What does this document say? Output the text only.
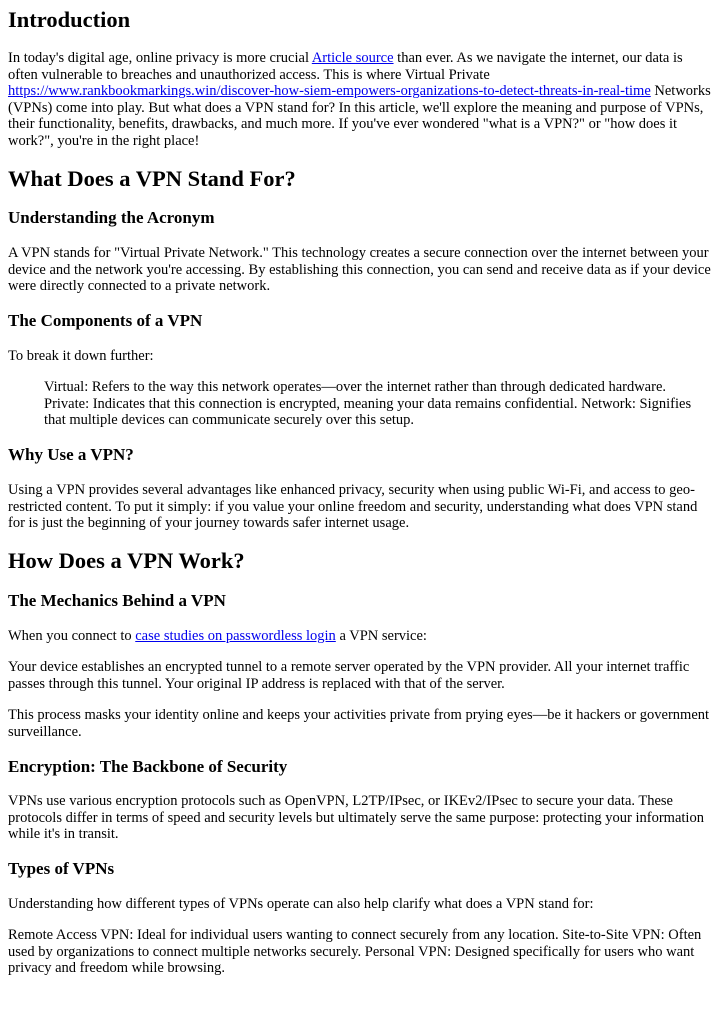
Introduction

In today's digital age, online privacy is more crucial Article source than ever. As we navigate the internet, our data is often vulnerable to breaches and unauthorized access. This is where Virtual Private https://www.rankbookmarkings.win/discover-how-siem-empowers-organizations-to-detect-threats-in-real-time Networks (VPNs) come into play. But what does a VPN stand for? In this article, we'll explore the meaning and purpose of VPNs, their functionality, benefits, drawbacks, and much more. If you've ever wondered "what is a VPN?" or "how does it work?", you're in the right place!

What Does a VPN Stand For?
Understanding the Acronym

A VPN stands for "Virtual Private Network." This technology creates a secure connection over the internet between your device and the network you're accessing. By establishing this connection, you can send and receive data as if your device were directly connected to a private network.

The Components of a VPN

To break it down further:

Virtual: Refers to the way this network operates—over the internet rather than through dedicated hardware. Private: Indicates that this connection is encrypted, meaning your data remains confidential. Network: Signifies that multiple devices can communicate securely over this setup.
Why Use a VPN?

Using a VPN provides several advantages like enhanced privacy, security when using public Wi-Fi, and access to geo-restricted content. To put it simply: if you value your online freedom and security, understanding what does VPN stand for is just the beginning of your journey towards safer internet usage.

How Does a VPN Work?
The Mechanics Behind a VPN

When you connect to case studies on passwordless login a VPN service:

Your device establishes an encrypted tunnel to a remote server operated by the VPN provider. All your internet traffic passes through this tunnel. Your original IP address is replaced with that of the server.

This process masks your identity online and keeps your activities private from prying eyes—be it hackers or government surveillance.

Encryption: The Backbone of Security

VPNs use various encryption protocols such as OpenVPN, L2TP/IPsec, or IKEv2/IPsec to secure your data. These protocols differ in terms of speed and security levels but ultimately serve the same purpose: protecting your information while it's in transit.

Types of VPNs

Understanding how different types of VPNs operate can also help clarify what does a VPN stand for:

Remote Access VPN: Ideal for individual users wanting to connect securely from any location. Site-to-Site VPN: Often used by organizations to connect multiple networks securely. Personal VPN: Designed specifically for users who want privacy and freedom while browsing.
